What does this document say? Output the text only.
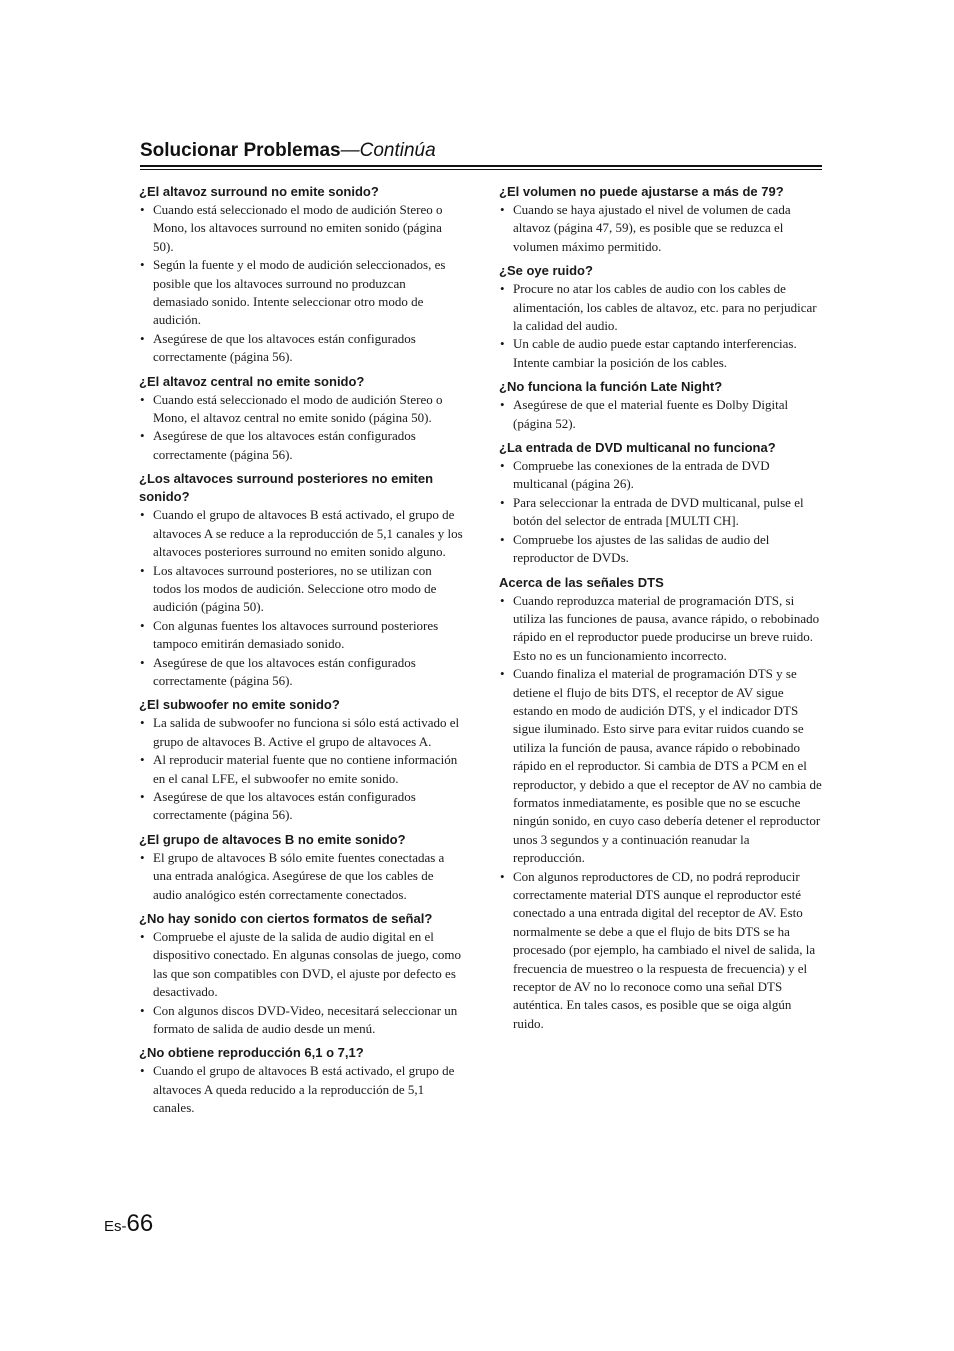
Solucionar Problemas—Continúa
¿El altavoz surround no emite sonido?
• Cuando está seleccionado el modo de audición Stereo o Mono, los altavoces surround no emiten sonido (página 50).
• Según la fuente y el modo de audición seleccionados, es posible que los altavoces surround no produzcan demasiado sonido. Intente seleccionar otro modo de audición.
• Asegúrese de que los altavoces están configurados correctamente (página 56).
¿El altavoz central no emite sonido?
• Cuando está seleccionado el modo de audición Stereo o Mono, el altavoz central no emite sonido (página 50).
• Asegúrese de que los altavoces están configurados correctamente (página 56).
¿Los altavoces surround posteriores no emiten sonido?
• Cuando el grupo de altavoces B está activado, el grupo de altavoces A se reduce a la reproducción de 5,1 canales y los altavoces posteriores surround no emiten sonido alguno.
• Los altavoces surround posteriores, no se utilizan con todos los modos de audición. Seleccione otro modo de audición (página 50).
• Con algunas fuentes los altavoces surround posteriores tampoco emitirán demasiado sonido.
• Asegúrese de que los altavoces están configurados correctamente (página 56).
¿El subwoofer no emite sonido?
• La salida de subwoofer no funciona si sólo está activado el grupo de altavoces B. Active el grupo de altavoces A.
• Al reproducir material fuente que no contiene información en el canal LFE, el subwoofer no emite sonido.
• Asegúrese de que los altavoces están configurados correctamente (página 56).
¿El grupo de altavoces B no emite sonido?
• El grupo de altavoces B sólo emite fuentes conectadas a una entrada analógica. Asegúrese de que los cables de audio analógico estén correctamente conectados.
¿No hay sonido con ciertos formatos de señal?
• Compruebe el ajuste de la salida de audio digital en el dispositivo conectado. En algunas consolas de juego, como las que son compatibles con DVD, el ajuste por defecto es desactivado.
• Con algunos discos DVD-Video, necesitará seleccionar un formato de salida de audio desde un menú.
¿No obtiene reproducción 6,1 o 7,1?
• Cuando el grupo de altavoces B está activado, el grupo de altavoces A queda reducido a la reproducción de 5,1 canales.
¿El volumen no puede ajustarse a más de 79?
• Cuando se haya ajustado el nivel de volumen de cada altavoz (página 47, 59), es posible que se reduzca el volumen máximo permitido.
¿Se oye ruido?
• Procure no atar los cables de audio con los cables de alimentación, los cables de altavoz, etc. para no perjudicar la calidad del audio.
• Un cable de audio puede estar captando interferencias. Intente cambiar la posición de los cables.
¿No funciona la función Late Night?
• Asegúrese de que el material fuente es Dolby Digital (página 52).
¿La entrada de DVD multicanal no funciona?
• Compruebe las conexiones de la entrada de DVD multicanal (página 26).
• Para seleccionar la entrada de DVD multicanal, pulse el botón del selector de entrada [MULTI CH].
• Compruebe los ajustes de las salidas de audio del reproductor de DVDs.
Acerca de las señales DTS
• Cuando reproduzca material de programación DTS, si utiliza las funciones de pausa, avance rápido, o rebobinado rápido en el reproductor puede producirse un breve ruido. Esto no es un funcionamiento incorrecto.
• Cuando finaliza el material de programación DTS y se detiene el flujo de bits DTS, el receptor de AV sigue estando en modo de audición DTS, y el indicador DTS sigue iluminado. Esto sirve para evitar ruidos cuando se utiliza la función de pausa, avance rápido o rebobinado rápido en el reproductor. Si cambia de DTS a PCM en el reproductor, y debido a que el receptor de AV no cambia de formatos inmediatamente, es posible que no se escuche ningún sonido, en cuyo caso debería detener el reproductor unos 3 segundos y a continuación reanudar la reproducción.
• Con algunos reproductores de CD, no podrá reproducir correctamente material DTS aunque el reproductor esté conectado a una entrada digital del receptor de AV. Esto normalmente se debe a que el flujo de bits DTS se ha procesado (por ejemplo, ha cambiado el nivel de salida, la frecuencia de muestreo o la respuesta de frecuencia) y el receptor de AV no lo reconoce como una señal DTS auténtica. En tales casos, es posible que se oiga algún ruido.
Es-66
